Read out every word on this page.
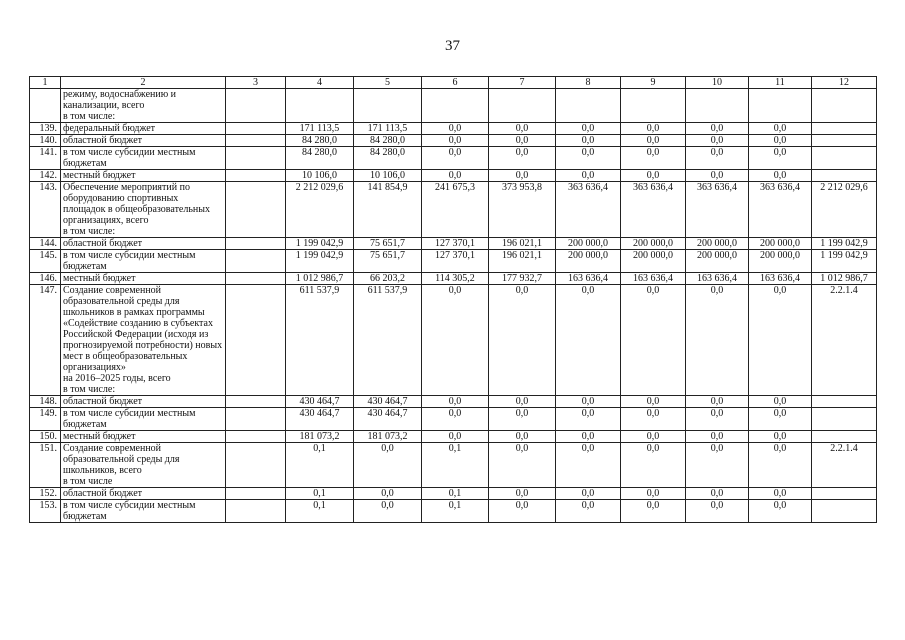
37
1	2	3	4	5	6	7	8	9	10	11	12
	режиму, водоснабжению и канализации, всего
в том числе:										
139.	федеральный бюджет		171 113,5	171 113,5	0,0	0,0	0,0	0,0	0,0	0,0	
140.	областной бюджет		84 280,0	84 280,0	0,0	0,0	0,0	0,0	0,0	0,0	
141.	в том числе субсидии местным бюджетам		84 280,0	84 280,0	0,0	0,0	0,0	0,0	0,0	0,0	
142.	местный бюджет		10 106,0	10 106,0	0,0	0,0	0,0	0,0	0,0	0,0	
143.	Обеспечение мероприятий по оборудованию спортивных площадок в общеобразовательных организациях, всего
в том числе:		2 212 029,6	141 854,9	241 675,3	373 953,8	363 636,4	363 636,4	363 636,4	363 636,4	2 212 029,6
144.	областной бюджет		1 199 042,9	75 651,7	127 370,1	196 021,1	200 000,0	200 000,0	200 000,0	200 000,0	1 199 042,9
145.	в том числе субсидии местным бюджетам		1 199 042,9	75 651,7	127 370,1	196 021,1	200 000,0	200 000,0	200 000,0	200 000,0	1 199 042,9
146.	местный бюджет		1 012 986,7	66 203,2	114 305,2	177 932,7	163 636,4	163 636,4	163 636,4	163 636,4	1 012 986,7
147.	Создание современной образовательной среды для школьников в рамках программы «Содействие созданию в субъектах Российской Федерации (исходя из прогнозируемой потребности) новых мест в общеобразовательных организациях»
на 2016–2025 годы, всего
в том числе:		611 537,9	611 537,9	0,0	0,0	0,0	0,0	0,0	0,0	2.2.1.4
148.	областной бюджет		430 464,7	430 464,7	0,0	0,0	0,0	0,0	0,0	0,0	
149.	в том числе субсидии местным бюджетам		430 464,7	430 464,7	0,0	0,0	0,0	0,0	0,0	0,0	
150.	местный бюджет		181 073,2	181 073,2	0,0	0,0	0,0	0,0	0,0	0,0	
151.	Создание современной образовательной среды для школьников, всего
в том числе		0,1	0,0	0,1	0,0	0,0	0,0	0,0	0,0	2.2.1.4
152.	областной бюджет		0,1	0,0	0,1	0,0	0,0	0,0	0,0	0,0	
153.	в том числе субсидии местным бюджетам		0,1	0,0	0,1	0,0	0,0	0,0	0,0	0,0	
